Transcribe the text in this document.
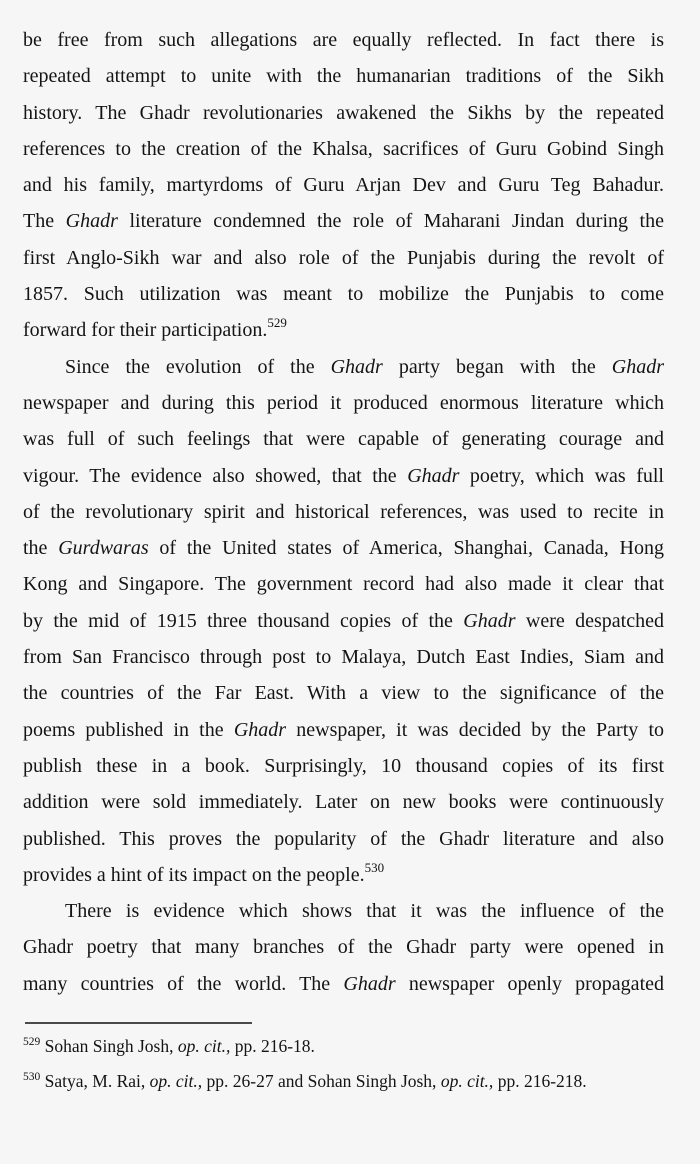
be free from such allegations are equally reflected. In fact there is
repeated attempt to unite with the humanarian traditions of the Sikh
history. The Ghadr revolutionaries awakened the Sikhs by the repeated
references to the creation of the Khalsa, sacrifices of Guru Gobind Singh
and his family, martyrdoms of Guru Arjan Dev and Guru Teg Bahadur.
The Ghadr literature condemned the role of Maharani Jindan during the
first Anglo-Sikh war and also role of the Punjabis during the revolt of
1857. Such utilization was meant to mobilize the Punjabis to come
forward for their participation.$^{529}$
Since the evolution of the Ghadr party began with the Ghadr
newspaper and during this period it produced enormous literature which
was full of such feelings that were capable of generating courage and
vigour. The evidence also showed, that the Ghadr poetry, which was full
of the revolutionary spirit and historical references, was used to recite in
the Gurdwaras of the United states of America, Shanghai, Canada, Hong
Kong and Singapore. The government record had also made it clear that
by the mid of 1915 three thousand copies of the Ghadr were despatched
from San Francisco through post to Malaya, Dutch East Indies, Siam and
the countries of the Far East. With a view to the significance of the
poems published in the Ghadr newspaper, it was decided by the Party to
publish these in a book. Surprisingly, 10 thousand copies of its first
addition were sold immediately. Later on new books were continuously
published. This proves the popularity of the Ghadr literature and also
provides a hint of its impact on the people.$^{530}$
There is evidence which shows that it was the influence of the
Ghadr poetry that many branches of the Ghadr party were opened in
many countries of the world. The Ghadr newspaper openly propagated
$^{529}$ Sohan Singh Josh, op. cit., pp. 216-18.
$^{530}$ Satya, M. Rai, op. cit., pp. 26-27 and Sohan Singh Josh, op. cit., pp. 216-218.
